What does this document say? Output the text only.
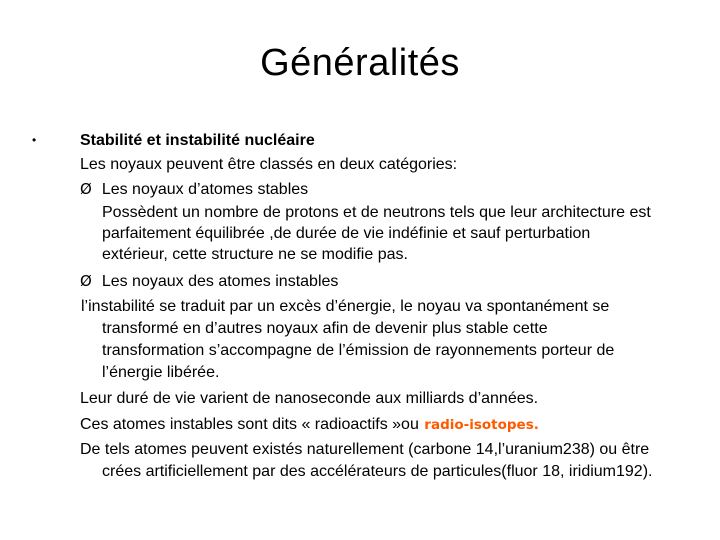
Généralités
•	Stabilité et instabilité nucléaire
Les noyaux peuvent être classés en deux catégories:
Ø Les noyaux d’atomes stables
Possèdent un nombre de protons et de neutrons tels que leur architecture est
parfaitement équilibrée ,de durée de vie indéfinie et sauf perturbation
extérieur, cette structure ne se modifie pas.
Ø Les noyaux des atomes instables
l’instabilité se traduit par un excès d’énergie, le noyau va spontanément se
transformé en d’autres noyaux afin de devenir plus stable cette
transformation s’accompagne de l’émission de rayonnements porteur de
l’énergie libérée.
Leur duré de vie varient de nanoseconde aux milliards d’années.
Ces atomes instables sont dits « radioactifs »ou radio-isotopes.
De tels atomes peuvent existés naturellement (carbone 14,l’uranium238) ou être
crées artificiellement par des accélérateurs de particules(fluor 18, iridium192).
